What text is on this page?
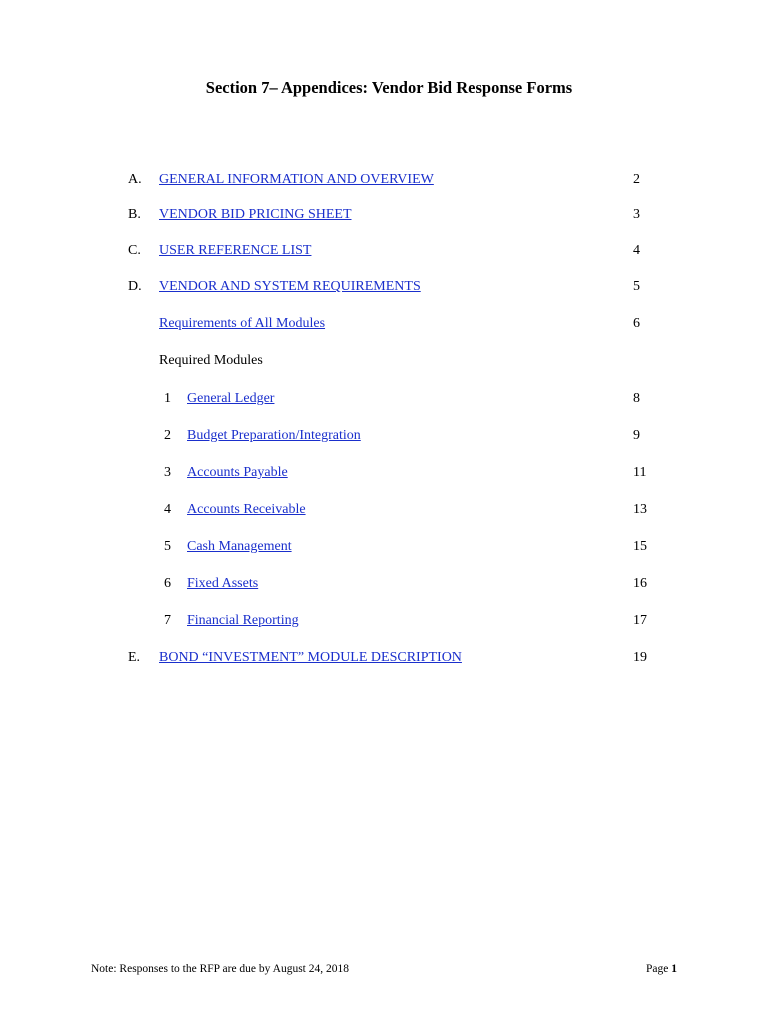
Section 7– Appendices: Vendor Bid Response Forms
A. GENERAL INFORMATION AND OVERVIEW	2
B. VENDOR BID PRICING SHEET	3
C. USER REFERENCE LIST	4
D. VENDOR AND SYSTEM REQUIREMENTS	5
Requirements of All Modules	6
Required Modules
1 General Ledger	8
2 Budget Preparation/Integration	9
3 Accounts Payable	11
4 Accounts Receivable	13
5 Cash Management	15
6 Fixed Assets	16
7 Financial Reporting	17
E. BOND “INVESTMENT” MODULE DESCRIPTION	19
Note: Responses to the RFP are due by August 24, 2018	Page 1
